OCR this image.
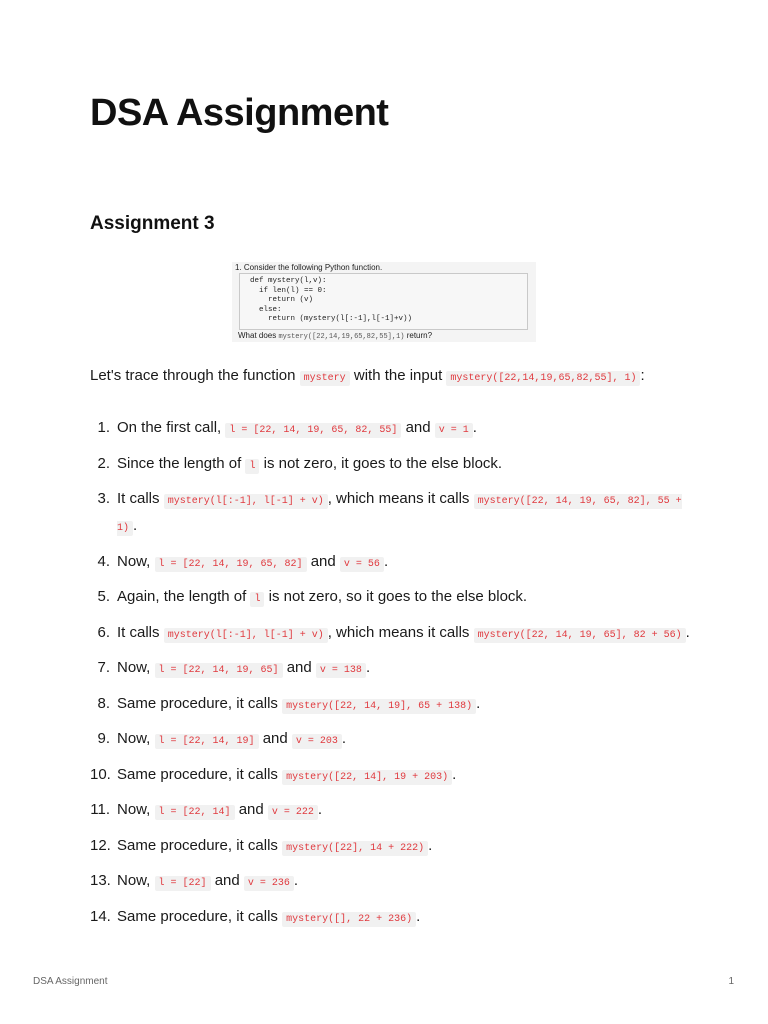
DSA Assignment
Assignment 3
1. Consider the following Python function.
def mystery(l,v):
if len(l) == 0:
return (v)
else:
return (mystery(l[:-1],l[-1]+v))
What does mystery([22,14,19,65,82,55],1) return?

Let's trace through the function mystery with the input mystery([22,14,19,65,82,55], 1) :

1. On the first call, l = [22, 14, 19, 65, 82, 55] and v = 1 .
2. Since the length of l is not zero, it goes to the else block.
3. It calls mystery(l[:-1], l[-1] + v) , which means it calls mystery([22, 14, 19, 65, 82], 55 + 1) .
4. Now, l = [22, 14, 19, 65, 82] and v = 56 .
5. Again, the length of l is not zero, so it goes to the else block.
6. It calls mystery(l[:-1], l[-1] + v) , which means it calls mystery([22, 14, 19, 65], 82 + 56) .
7. Now, l = [22, 14, 19, 65] and v = 138 .
8. Same procedure, it calls mystery([22, 14, 19], 65 + 138) .
9. Now, l = [22, 14, 19] and v = 203 .
10. Same procedure, it calls mystery([22, 14], 19 + 203) .
11. Now, l = [22, 14] and v = 222 .
12. Same procedure, it calls mystery([22], 14 + 222) .
13. Now, l = [22] and v = 236 .
14. Same procedure, it calls mystery([], 22 + 236) .
DSA Assignment	1
